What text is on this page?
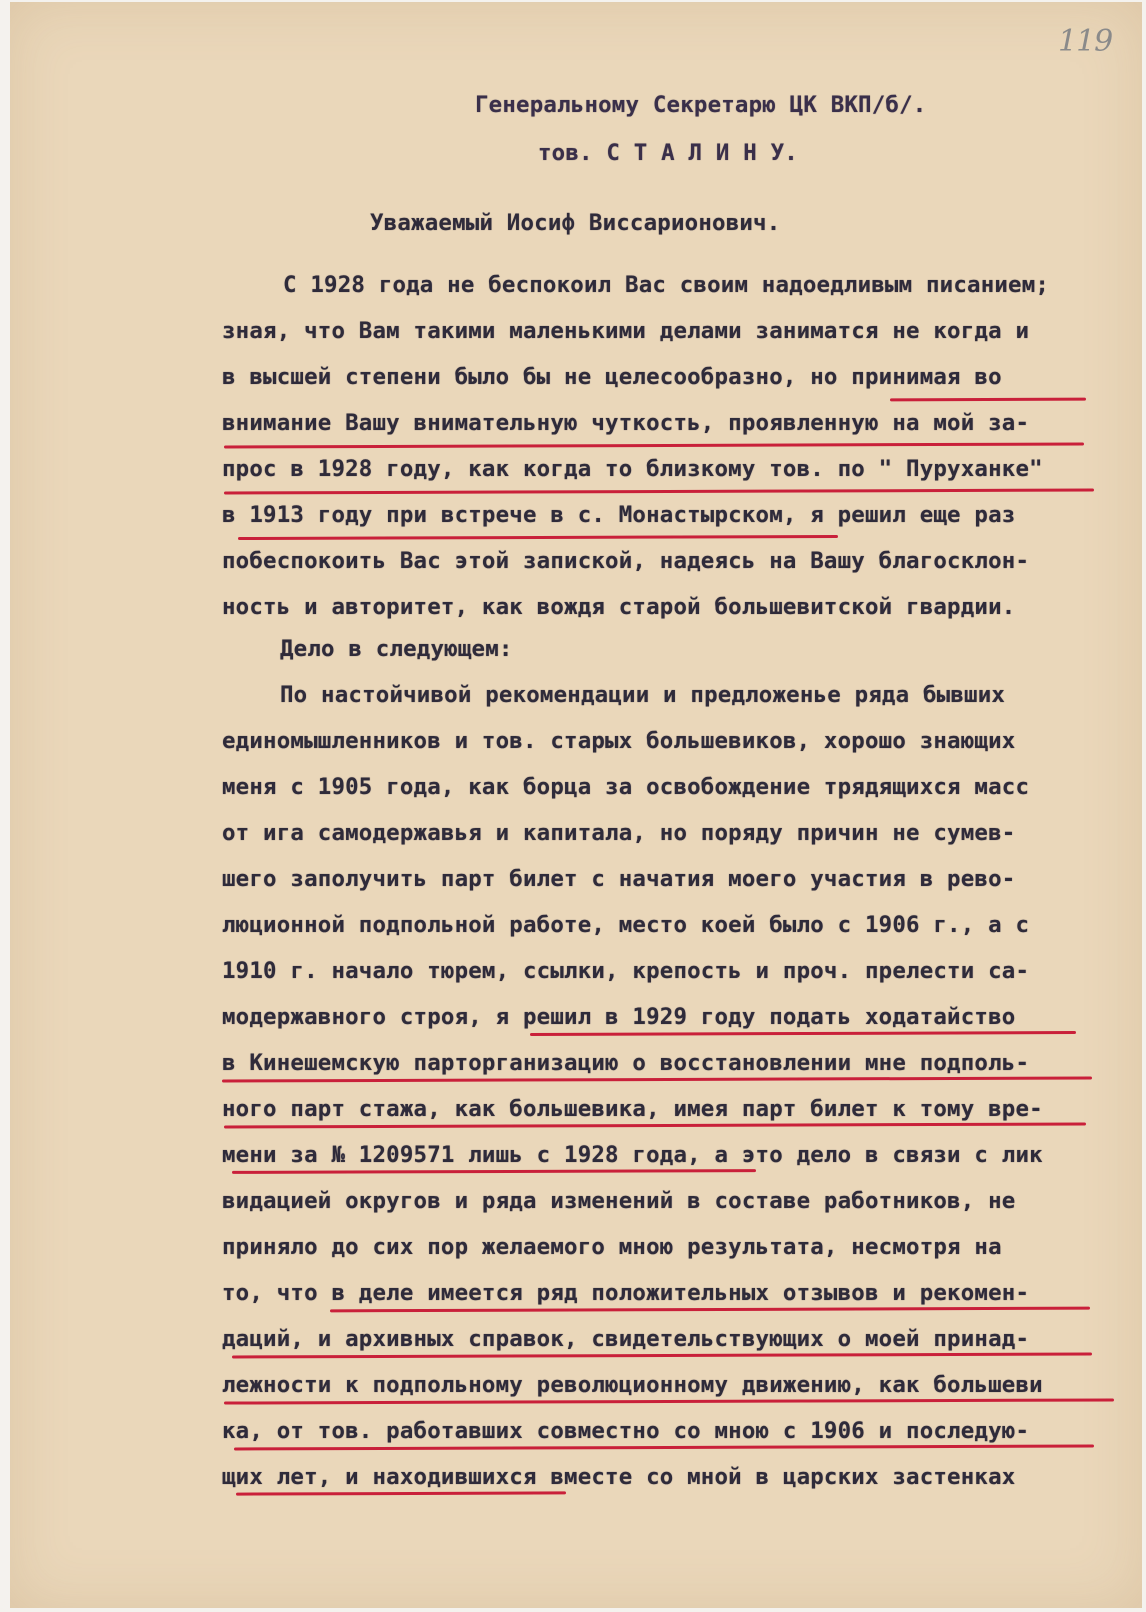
119
Генеральному Секретарю ЦК ВКП/б/.
тов. С Т А Л И Н У.
Уважаемый Иосиф Виссарионович.
С 1928 года не беспокоил Вас своим надоедливым писанием;
зная, что Вам такими маленькими делами заниматся не когда и
в высшей степени было бы не целесообразно, но принимая во
внимание Вашу внимательную чуткость, проявленную на мой за-
прос в 1928 году, как когда то близкому тов. по " Пуруханке"
в 1913 году при встрече в с. Монастырском, я решил еще раз
побеспокоить Вас этой запиской, надеясь на Вашу благосклон-
ность и авторитет, как вождя старой большевитской гвардии.
Дело в следующем:
По настойчивой рекомендации и предложенье ряда бывших
единомышленников и тов. старых большевиков, хорошо знающих
меня с 1905 года, как борца за освобождение трядящихся масс
от ига самодержавья и капитала, но поряду причин не сумев-
шего заполучить парт билет с начатия моего участия в рево-
люционной подпольной работе, место коей было с 1906 г., а с
1910 г. начало тюрем, ссылки, крепость и проч. прелести са-
модержавного строя, я решил в 1929 году подать ходатайство
в Кинешемскую парторганизацию о восстановлении мне подполь-
ного парт стажа, как большевика, имея парт билет к тому вре-
мени за № 1209571 лишь с 1928 года, а это дело в связи с лик
видацией округов и ряда изменений в составе работников, не
приняло до сих пор желаемого мною результата, несмотря на
то, что в деле имеется ряд положительных отзывов и рекомен-
даций, и архивных справок, свидетельствующих о моей принад-
лежности к подпольному революционному движению, как большеви
ка, от тов. работавших совместно со мною с 1906 и последую-
щих лет, и находившихся вместе со мной в царских застенках
